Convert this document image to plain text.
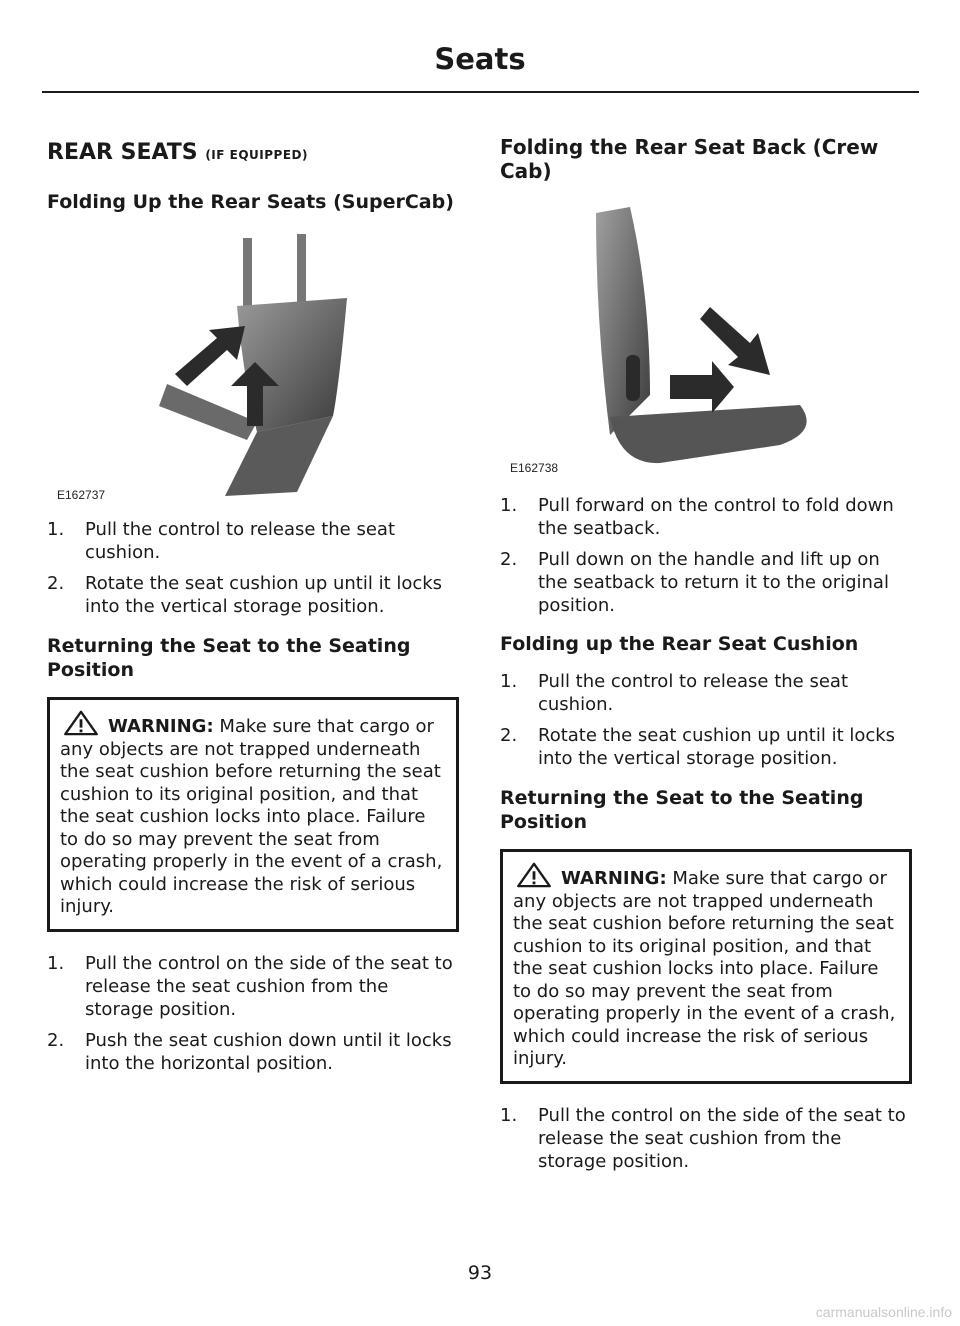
Seats
REAR SEATS (IF EQUIPPED)
Folding Up the Rear Seats (SuperCab)
E162737
1. Pull the control to release the seat cushion.
2. Rotate the seat cushion up until it locks into the vertical storage position.
Returning the Seat to the Seating Position
WARNING: Make sure that cargo or any objects are not trapped underneath the seat cushion before returning the seat cushion to its original position, and that the seat cushion locks into place. Failure to do so may prevent the seat from operating properly in the event of a crash, which could increase the risk of serious injury.
1. Pull the control on the side of the seat to release the seat cushion from the storage position.
2. Push the seat cushion down until it locks into the horizontal position.
Folding the Rear Seat Back (Crew Cab)
E162738
1. Pull forward on the control to fold down the seatback.
2. Pull down on the handle and lift up on the seatback to return it to the original position.
Folding up the Rear Seat Cushion
1. Pull the control to release the seat cushion.
2. Rotate the seat cushion up until it locks into the vertical storage position.
Returning the Seat to the Seating Position
WARNING: Make sure that cargo or any objects are not trapped underneath the seat cushion before returning the seat cushion to its original position, and that the seat cushion locks into place. Failure to do so may prevent the seat from operating properly in the event of a crash, which could increase the risk of serious injury.
1. Pull the control on the side of the seat to release the seat cushion from the storage position.
93
carmanualsonline.info
